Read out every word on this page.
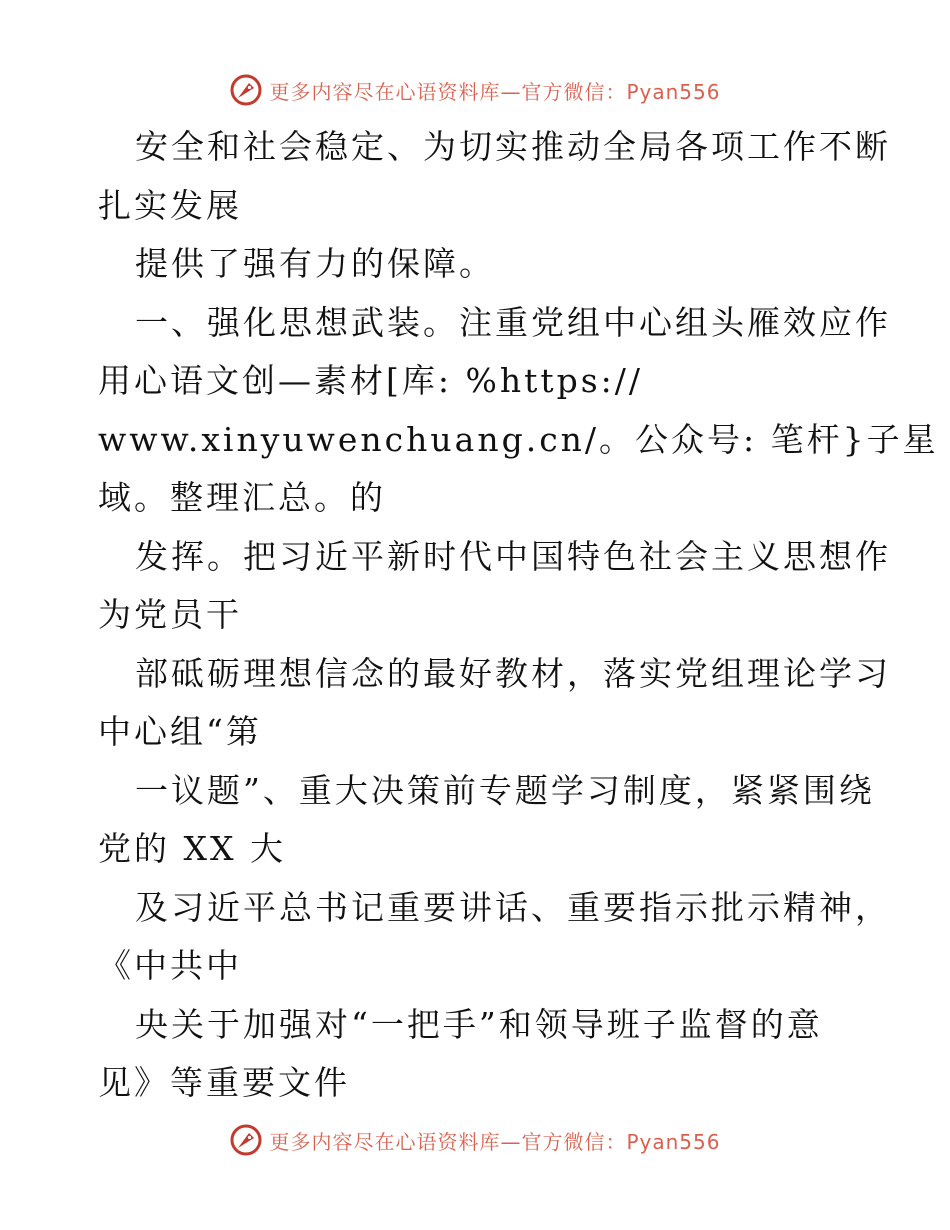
更多内容尽在心语资料库—官方微信：Pyan556
安全和社会稳定、为切实推动全局各项工作不断
扎实发展
提供了强有力的保障。
一、强化思想武装。注重党组中心组头雁效应作
用心语文创—素材[库: %https://
www.xinyuwenchuang.cn/。公众号: 笔杆}子星
域。整理汇总。的
发挥。把习近平新时代中国特色社会主义思想作
为党员干
部砥砺理想信念的最好教材，落实党组理论学习
中心组“第
一议题”、重大决策前专题学习制度，紧紧围绕
党的 XX 大
及习近平总书记重要讲话、重要指示批示精神，
《中共中
央关于加强对“一把手”和领导班子监督的意
见》等重要文件
更多内容尽在心语资料库—官方微信：Pyan556
